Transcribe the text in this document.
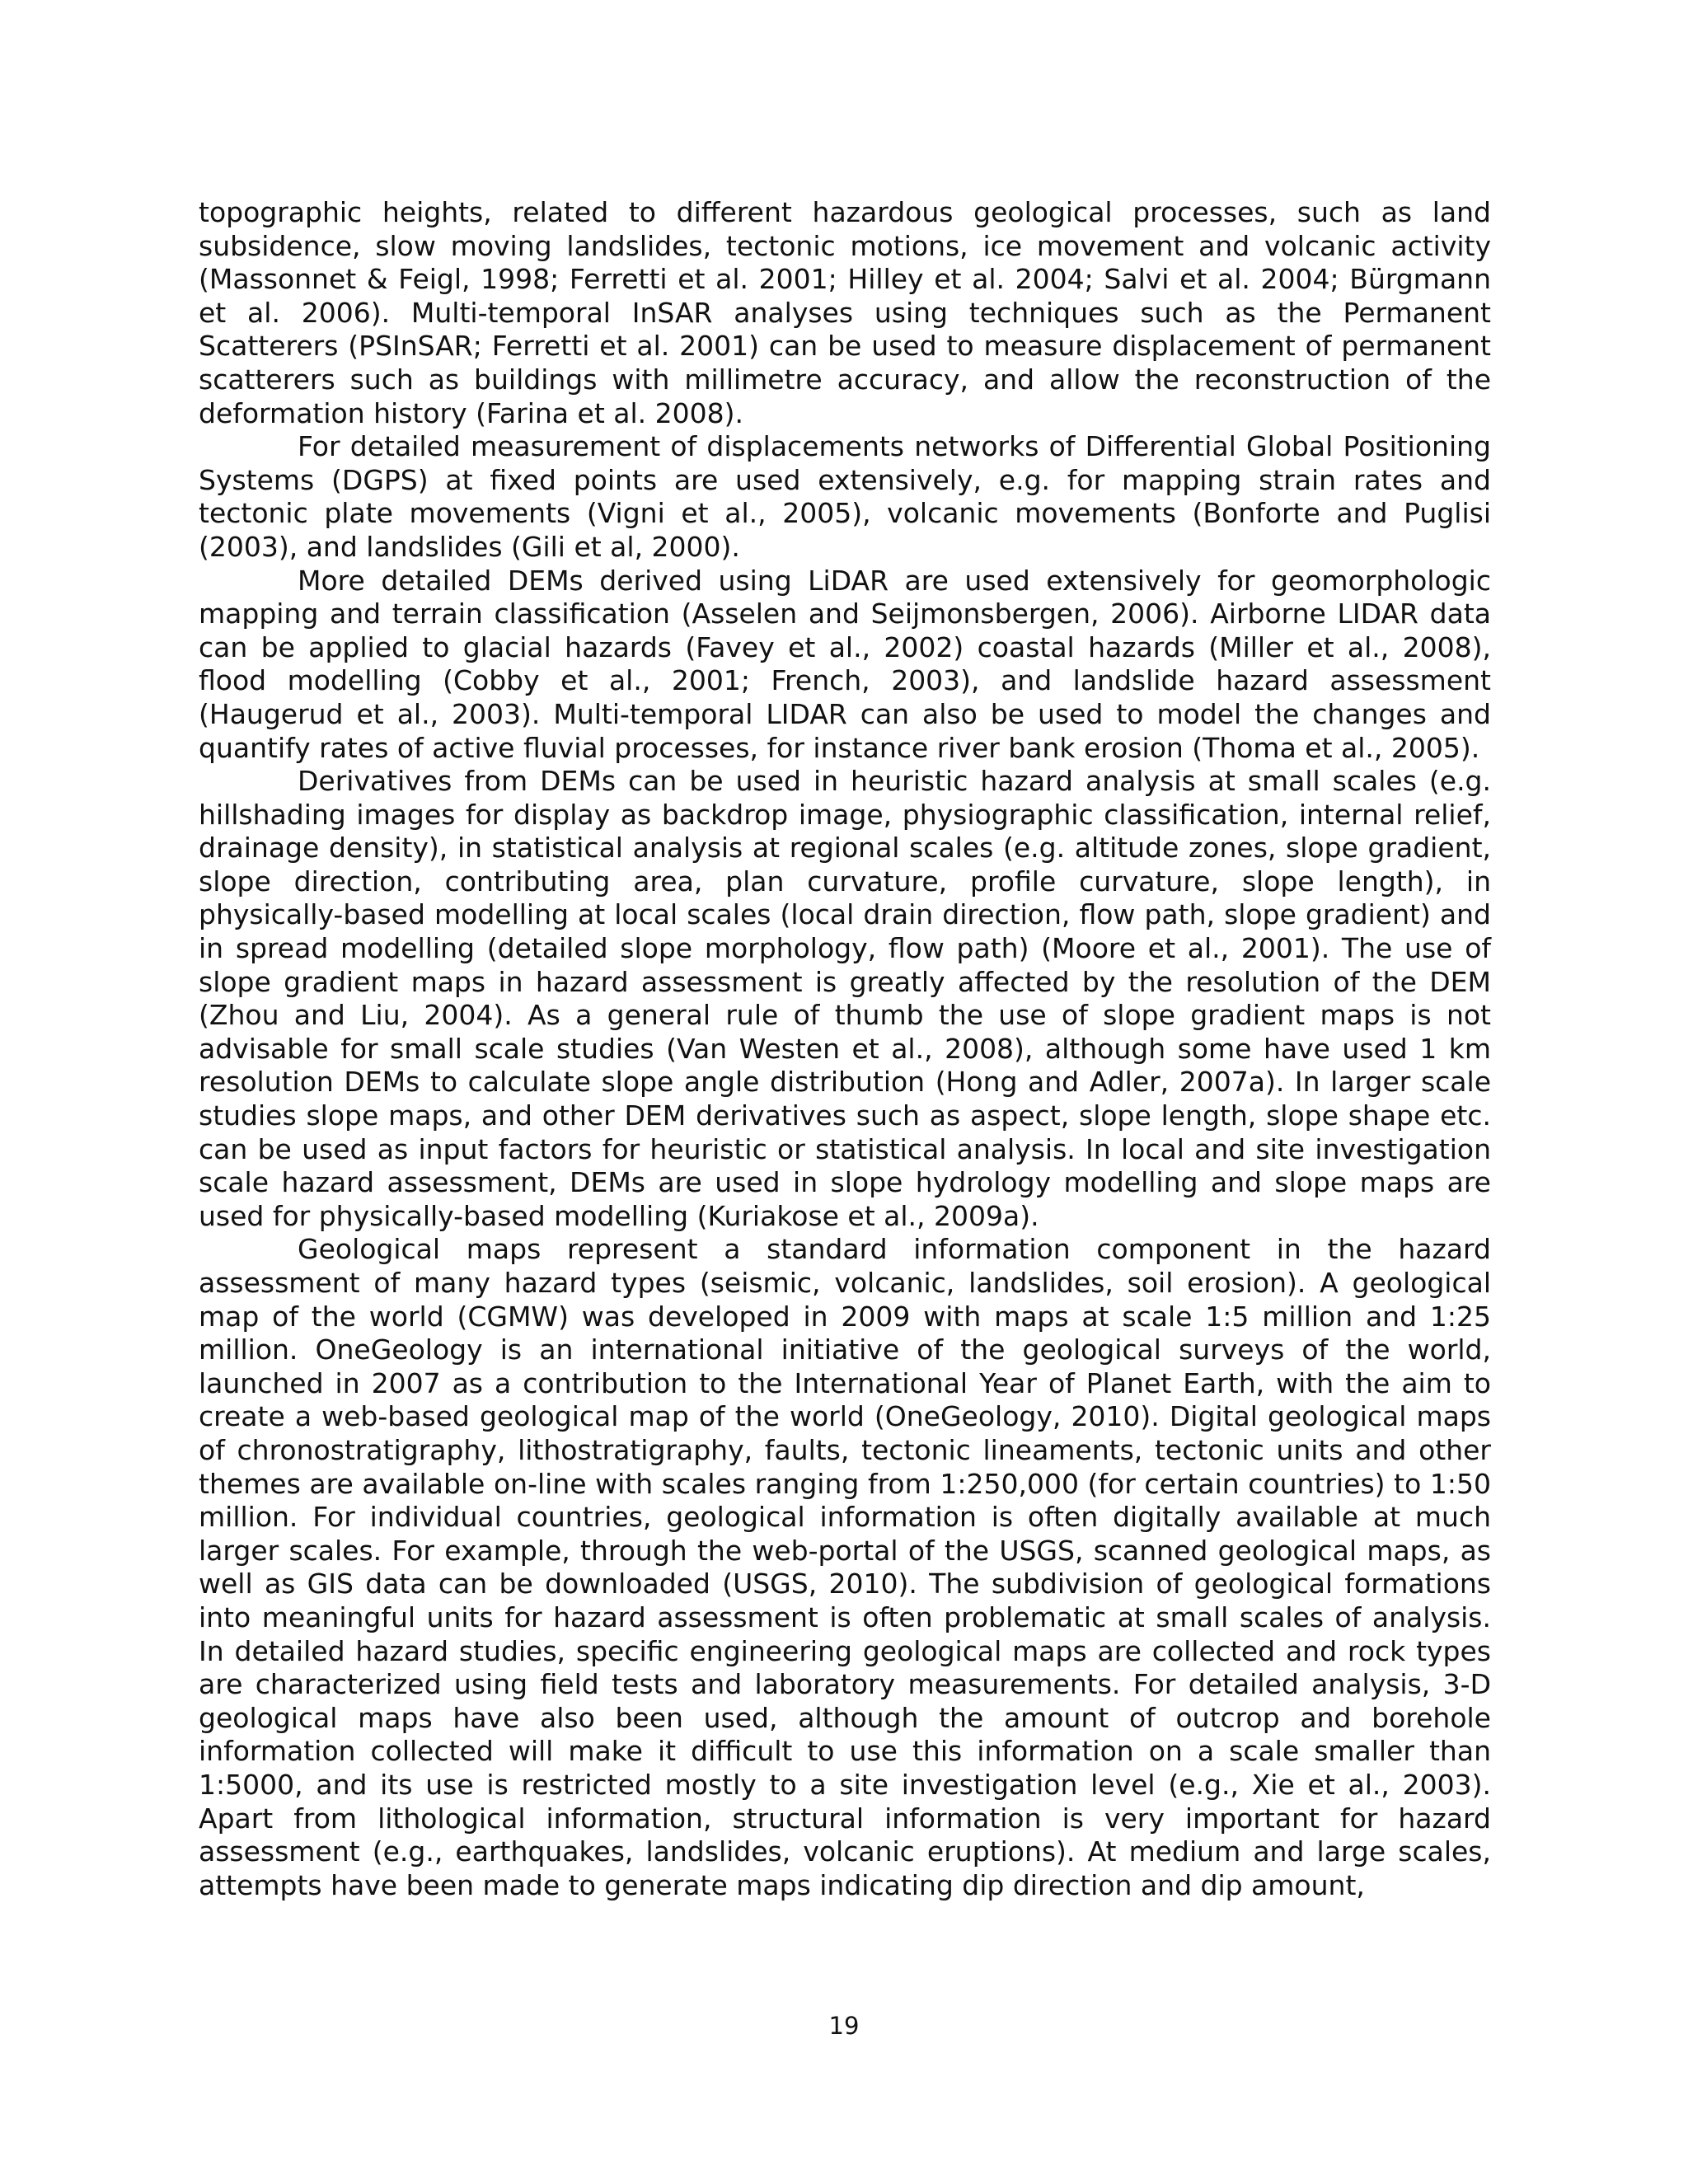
topographic heights, related to different hazardous geological processes, such as land subsidence, slow moving landslides, tectonic motions, ice movement and volcanic activity (Massonnet & Feigl, 1998; Ferretti et al. 2001; Hilley et al. 2004; Salvi et al. 2004; Bürgmann et al. 2006). Multi-temporal InSAR analyses using techniques such as the Permanent Scatterers (PSInSAR; Ferretti et al. 2001) can be used to measure displacement of permanent scatterers such as buildings with millimetre accuracy, and allow the reconstruction of the deformation history (Farina et al. 2008).

For detailed measurement of displacements networks of Differential Global Positioning Systems (DGPS) at fixed points are used extensively, e.g. for mapping strain rates and tectonic plate movements (Vigni et al., 2005), volcanic movements (Bonforte and Puglisi (2003), and landslides (Gili et al, 2000).

More detailed DEMs derived using LiDAR are used extensively for geomorphologic mapping and terrain classification (Asselen and Seijmonsbergen, 2006). Airborne LIDAR data can be applied to glacial hazards (Favey et al., 2002) coastal hazards (Miller et al., 2008), flood modelling (Cobby et al., 2001; French, 2003), and landslide hazard assessment (Haugerud et al., 2003). Multi-temporal LIDAR can also be used to model the changes and quantify rates of active fluvial processes, for instance river bank erosion (Thoma et al., 2005).

Derivatives from DEMs can be used in heuristic hazard analysis at small scales (e.g. hillshading images for display as backdrop image, physiographic classification, internal relief, drainage density), in statistical analysis at regional scales (e.g. altitude zones, slope gradient, slope direction, contributing area, plan curvature, profile curvature, slope length), in physically-based modelling at local scales (local drain direction, flow path, slope gradient) and in spread modelling (detailed slope morphology, flow path) (Moore et al., 2001). The use of slope gradient maps in hazard assessment is greatly affected by the resolution of the DEM (Zhou and Liu, 2004). As a general rule of thumb the use of slope gradient maps is not advisable for small scale studies (Van Westen et al., 2008), although some have used 1 km resolution DEMs to calculate slope angle distribution (Hong and Adler, 2007a). In larger scale studies slope maps, and other DEM derivatives such as aspect, slope length, slope shape etc. can be used as input factors for heuristic or statistical analysis. In local and site investigation scale hazard assessment, DEMs are used in slope hydrology modelling and slope maps are used for physically-based modelling (Kuriakose et al., 2009a).

Geological maps represent a standard information component in the hazard assessment of many hazard types (seismic, volcanic, landslides, soil erosion). A geological map of the world (CGMW) was developed in 2009 with maps at scale 1:5 million and 1:25 million. OneGeology is an international initiative of the geological surveys of the world, launched in 2007 as a contribution to the International Year of Planet Earth, with the aim to create a web-based geological map of the world (OneGeology, 2010). Digital geological maps of chronostratigraphy, lithostratigraphy, faults, tectonic lineaments, tectonic units and other themes are available on-line with scales ranging from 1:250,000 (for certain countries) to 1:50 million. For individual countries, geological information is often digitally available at much larger scales. For example, through the web-portal of the USGS, scanned geological maps, as well as GIS data can be downloaded (USGS, 2010). The subdivision of geological formations into meaningful units for hazard assessment is often problematic at small scales of analysis. In detailed hazard studies, specific engineering geological maps are collected and rock types are characterized using field tests and laboratory measurements. For detailed analysis, 3-D geological maps have also been used, although the amount of outcrop and borehole information collected will make it difficult to use this information on a scale smaller than 1:5000, and its use is restricted mostly to a site investigation level (e.g., Xie et al., 2003). Apart from lithological information, structural information is very important for hazard assessment (e.g., earthquakes, landslides, volcanic eruptions). At medium and large scales, attempts have been made to generate maps indicating dip direction and dip amount,

19
